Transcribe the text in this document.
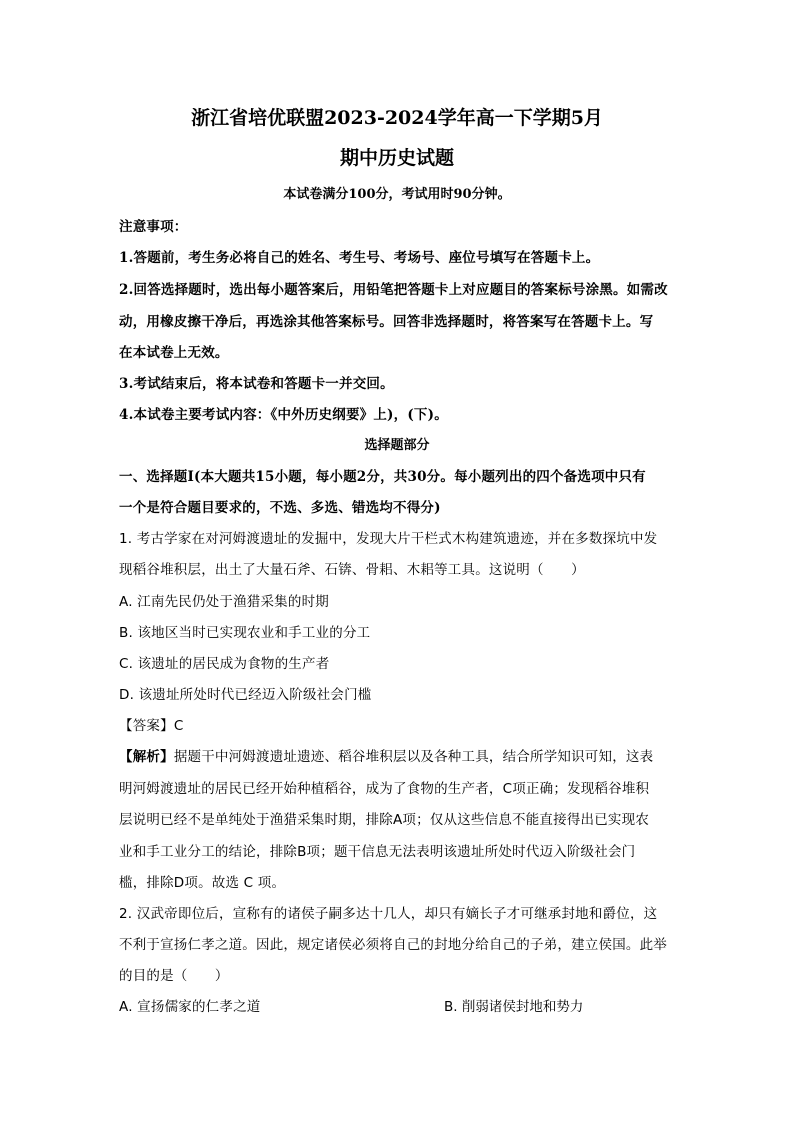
浙江省培优联盟2023-2024学年高一下学期5月
期中历史试题
本试卷满分100分，考试用时90分钟。
注意事项：
1.答题前，考生务必将自己的姓名、考生号、考场号、座位号填写在答题卡上。
2.回答选择题时，选出每小题答案后，用铅笔把答题卡上对应题目的答案标号涂黑。如需改
动，用橡皮擦干净后，再选涂其他答案标号。回答非选择题时，将答案写在答题卡上。写
在本试卷上无效。
3.考试结束后，将本试卷和答题卡一并交回。
4.本试卷主要考试内容：《中外历史纲要》上)，(下)。
选择题部分
一、选择题Ⅰ(本大题共15小题，每小题2分，共30分。每小题列出的四个备选项中只有
一个是符合题目要求的，不选、多选、错选均不得分)
1. 考古学家在对河姆渡遗址的发掘中，发现大片干栏式木构建筑遗迹，并在多数探坑中发
现稻谷堆积层，出土了大量石斧、石锛、骨耜、木耜等工具。这说明（　　）
A. 江南先民仍处于渔猎采集的时期
B. 该地区当时已实现农业和手工业的分工
C. 该遗址的居民成为食物的生产者
D. 该遗址所处时代已经迈入阶级社会门槛
【答案】C
【解析】据题干中河姆渡遗址遗迹、稻谷堆积层以及各种工具，结合所学知识可知，这表
明河姆渡遗址的居民已经开始种植稻谷，成为了食物的生产者，C项正确；发现稻谷堆积
层说明已经不是单纯处于渔猎采集时期，排除A项；仅从这些信息不能直接得出已实现农
业和手工业分工的结论，排除B项；题干信息无法表明该遗址所处时代迈入阶级社会门
槛，排除D项。故选 C 项。
2. 汉武帝即位后，宣称有的诸侯子嗣多达十几人，却只有嫡长子才可继承封地和爵位，这
不利于宣扬仁孝之道。因此，规定诸侯必须将自己的封地分给自己的子弟，建立侯国。此举
的目的是（　　）
A. 宣扬儒家的仁孝之道	B. 削弱诸侯封地和势力
